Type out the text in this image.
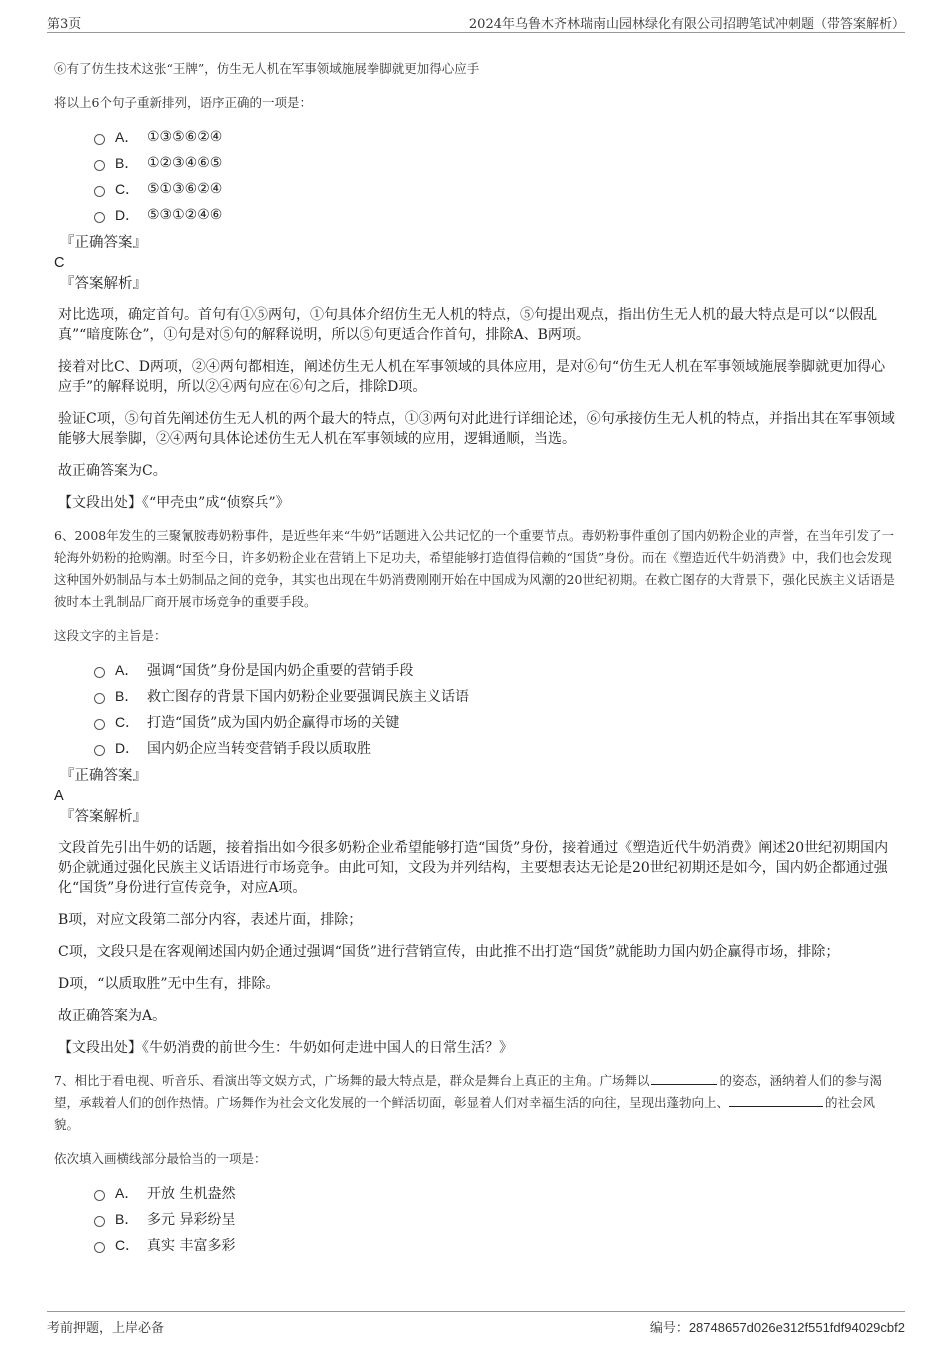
第3页	2024年乌鲁木齐林瑞南山园林绿化有限公司招聘笔试冲刺题（带答案解析）
⑥有了仿生技术这张“王牌”，仿生无人机在军事领域施展拳脚就更加得心应手
将以上6个句子重新排列，语序正确的一项是：
A． ①③⑤⑥②④
B． ①②③④⑥⑤
C． ⑤①③⑥②④
D． ⑤③①②④⑥
『正确答案』
C
『答案解析』

对比选项，确定首句。首句有①⑤两句，①句具体介绍仿生无人机的特点，⑤句提出观点，指出仿生无人机的最大特点是可以“以假乱真”“暗度陈仓”，①句是对⑤句的解释说明，所以⑤句更适合作首句，排除A、B两项。

接着对比C、D两项，②④两句都相连，阐述仿生无人机在军事领域的具体应用，是对⑥句“仿生无人机在军事领域施展拳脚就更加得心应手”的解释说明，所以②④两句应在⑥句之后，排除D项。

验证C项，⑤句首先阐述仿生无人机的两个最大的特点，①③两句对此进行详细论述，⑥句承接仿生无人机的特点，并指出其在军事领域能够大展拳脚，②④两句具体论述仿生无人机在军事领域的应用，逻辑通顺，当选。

故正确答案为C。

【文段出处】《“甲壳虫”成“侦察兵”》

6、2008年发生的三聚氰胺毒奶粉事件，是近些年来“牛奶”话题进入公共记忆的一个重要节点。毒奶粉事件重创了国内奶粉企业的声誉，在当年引发了一轮海外奶粉的抢购潮。时至今日，许多奶粉企业在营销上下足功夫，希望能够打造值得信赖的“国货”身份。而在《塑造近代牛奶消费》中，我们也会发现这种国外奶制品与本土奶制品之间的竞争，其实也出现在牛奶消费刚刚开始在中国成为风潮的20世纪初期。在救亡图存的大背景下，强化民族主义话语是彼时本土乳制品厂商开展市场竞争的重要手段。
这段文字的主旨是：
A． 强调“国货”身份是国内奶企重要的营销手段
B． 救亡图存的背景下国内奶粉企业要强调民族主义话语
C． 打造“国货”成为国内奶企赢得市场的关键
D． 国内奶企应当转变营销手段以质取胜
『正确答案』
A
『答案解析』

文段首先引出牛奶的话题，接着指出如今很多奶粉企业希望能够打造“国货”身份，接着通过《塑造近代牛奶消费》阐述20世纪初期国内奶企就通过强化民族主义话语进行市场竞争。由此可知，文段为并列结构，主要想表达无论是20世纪初期还是如今，国内奶企都通过强化“国货”身份进行宣传竞争，对应A项。

B项，对应文段第二部分内容，表述片面，排除；

C项，文段只是在客观阐述国内奶企通过强调“国货”进行营销宣传，由此推不出打造“国货”就能助力国内奶企赢得市场，排除；

D项，“以质取胜”无中生有，排除。

故正确答案为A。

【文段出处】《牛奶消费的前世今生：牛奶如何走进中国人的日常生活？》

7、相比于看电视、听音乐、看演出等文娱方式，广场舞的最大特点是，群众是舞台上真正的主角。广场舞以	的姿态，涵纳着人们的参与渴望，承载着人们的创作热情。广场舞作为社会文化发展的一个鲜活切面，彰显着人们对幸福生活的向往，呈现出蓬勃向上、	的社会风貌。
依次填入画横线部分最恰当的一项是：
A． 开放 生机盎然
B． 多元 异彩纷呈
C． 真实 丰富多彩
考前押题，上岸必备	编号：28748657d026e312f551fdf94029cbf2
